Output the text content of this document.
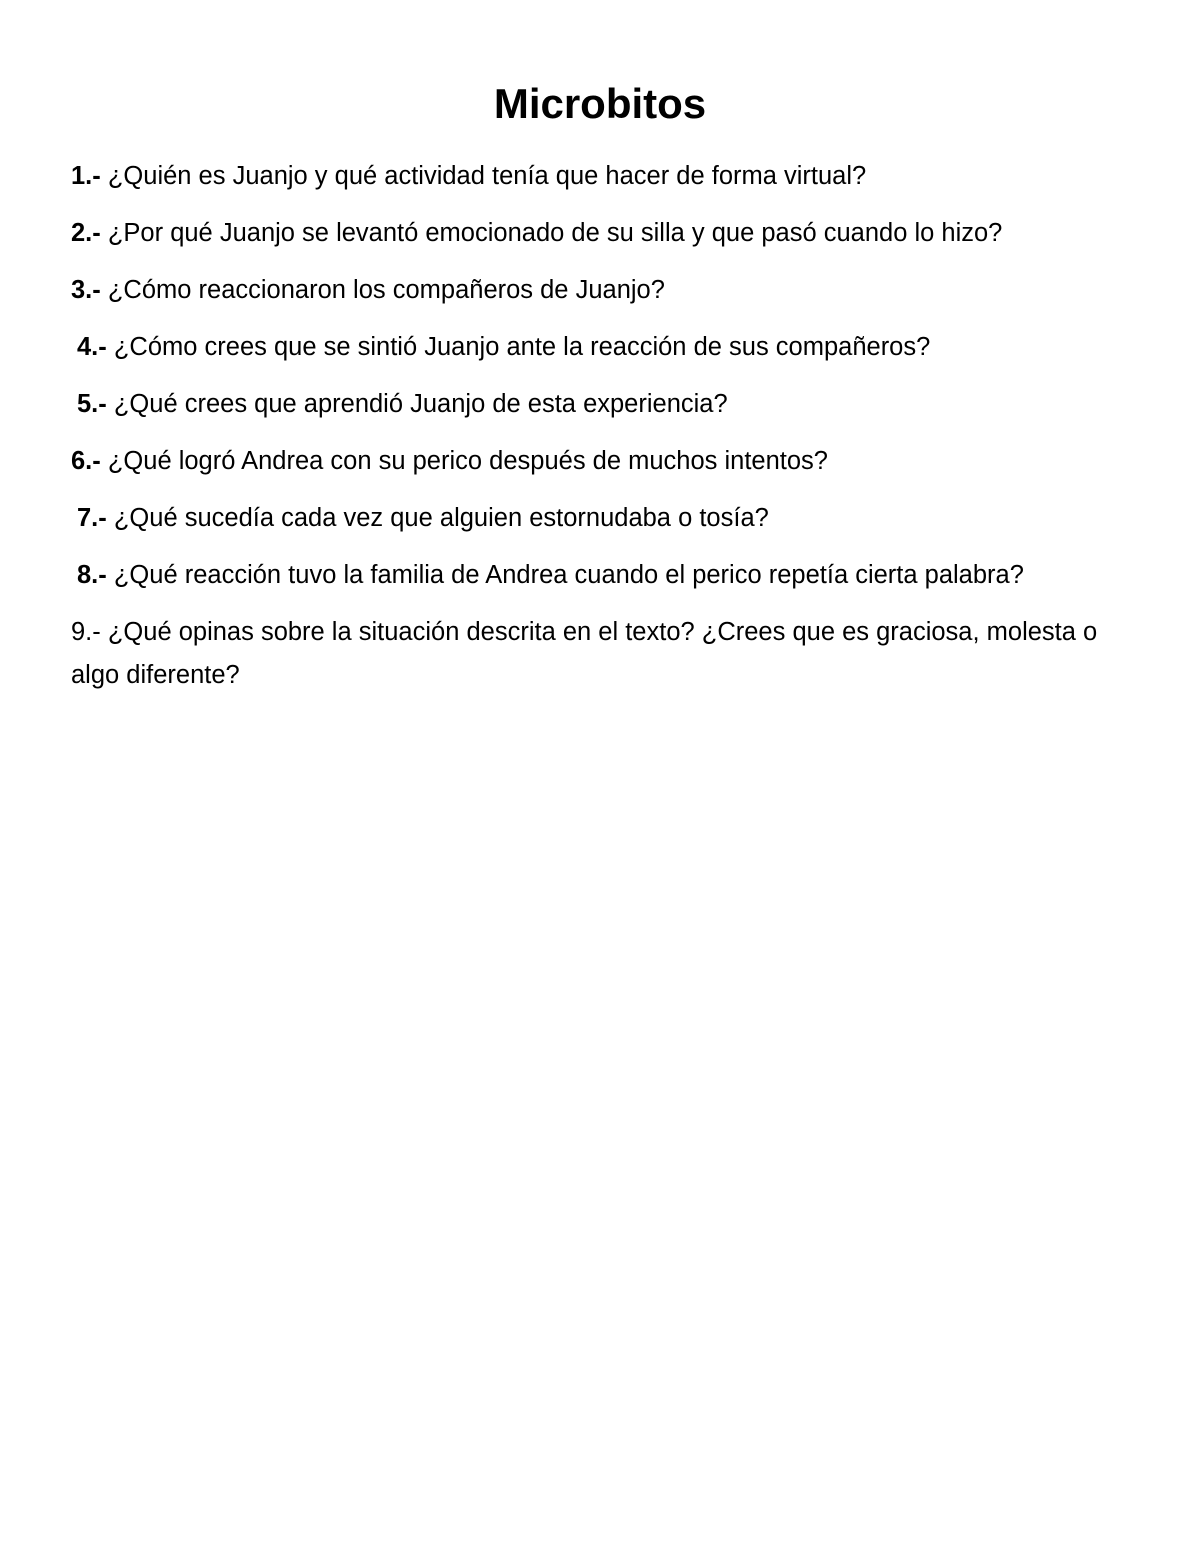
Microbitos
1.- ¿Quién es Juanjo y qué actividad tenía que hacer de forma virtual?
2.- ¿Por qué Juanjo se levantó emocionado de su silla y que pasó cuando lo hizo?
3.- ¿Cómo reaccionaron los compañeros de Juanjo?
4.- ¿Cómo crees que se sintió Juanjo ante la reacción de sus compañeros?
5.- ¿Qué crees que aprendió Juanjo de esta experiencia?
6.- ¿Qué logró Andrea con su perico después de muchos intentos?
7.- ¿Qué sucedía cada vez que alguien estornudaba o tosía?
8.- ¿Qué reacción tuvo la familia de Andrea cuando el perico repetía cierta palabra?
9.- ¿Qué opinas sobre la situación descrita en el texto? ¿Crees que es graciosa, molesta o algo diferente?
